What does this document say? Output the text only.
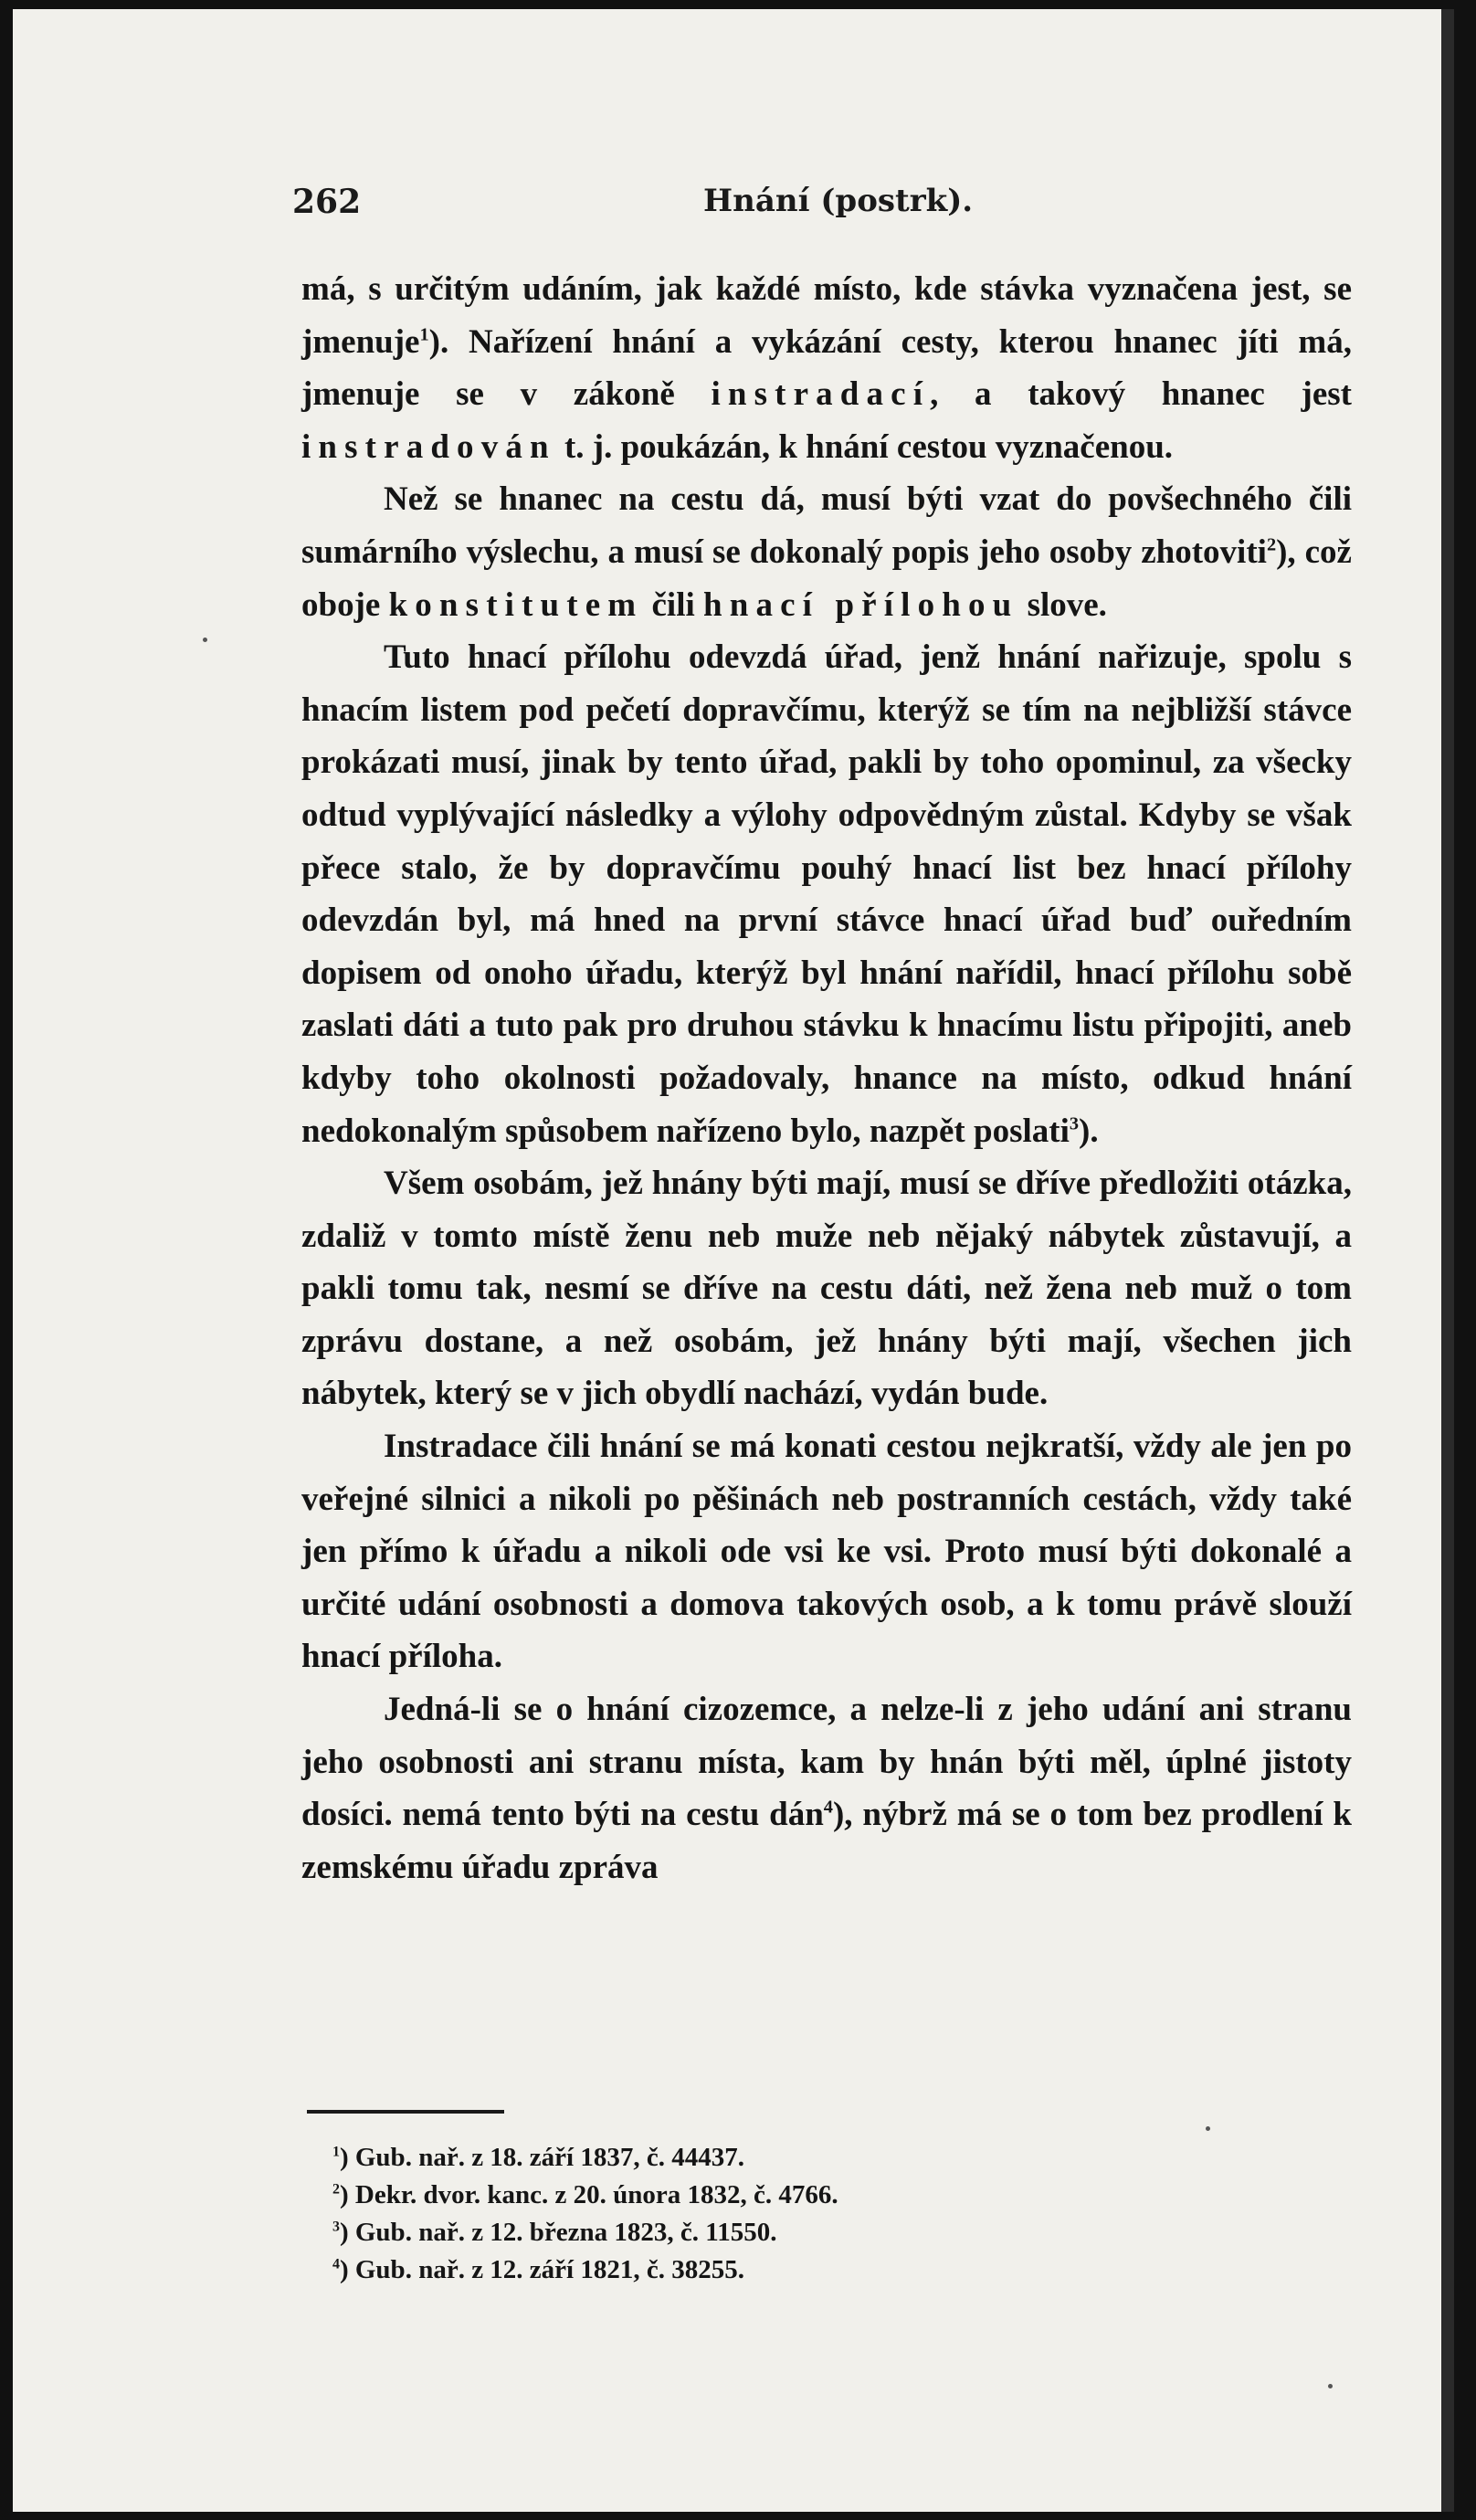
262	Hnání (postrk).

má, s určitým udáním, jak každé místo, kde stávka vyznačena jest, se jmenuje$^1$). Nařízení hnání a vykázání cesty, kterou hnanec jíti má, jmenuje se v zákoně instradací, a takový hnanec jest instradován t. j. poukázán, k hnání cestou vyznačenou.

Než se hnanec na cestu dá, musí býti vzat do povšechného čili sumárního výslechu, a musí se dokonalý popis jeho osoby zhotoviti$^2$), což oboje konstitutem čili hnací přílohou slove.

Tuto hnací přílohu odevzdá úřad, jenž hnání nařizuje, spolu s hnacím listem pod pečetí dopravčímu, kterýž se tím na nejbližší stávce prokázati musí, jinak by tento úřad, pakli by toho opominul, za všecky odtud vyplývající následky a výlohy odpovědným zůstal. Kdyby se však přece stalo, že by dopravčímu pouhý hnací list bez hnací přílohy odevzdán byl, má hned na první stávce hnací úřad buď ouředním dopisem od onoho úřadu, kterýž byl hnání nařídil, hnací přílohu sobě zaslati dáti a tuto pak pro druhou stávku k hnacímu listu připojiti, aneb kdyby toho okolnosti požadovaly, hnance na místo, odkud hnání nedokonalým spůsobem nařízeno bylo, nazpět poslati$^3$).

Všem osobám, jež hnány býti mají, musí se dříve předložiti otázka, zdaliž v tomto místě ženu neb muže neb nějaký nábytek zůstavují, a pakli tomu tak, nesmí se dříve na cestu dáti, než žena neb muž o tom zprávu dostane, a než osobám, jež hnány býti mají, všechen jich nábytek, který se v jich obydlí nachází, vydán bude.

Instradace čili hnání se má konati cestou nejkratší, vždy ale jen po veřejné silnici a nikoli po pěšinách neb postranních cestách, vždy také jen přímo k úřadu a nikoli ode vsi ke vsi. Proto musí býti dokonalé a určité udání osobnosti a domova takových osob, a k tomu právě slouží hnací příloha.

Jedná-li se o hnání cizozemce, a nelze-li z jeho udání ani stranu jeho osobnosti ani stranu místa, kam by hnán býti měl, úplné jistoty dosíci. nemá tento býti na cestu dán$^4$), nýbrž má se o tom bez prodlení k zemskému úřadu zpráva

$^1$) Gub. nař. z 18. září 1837, č. 44437.
$^2$) Dekr. dvor. kanc. z 20. února 1832, č. 4766.
$^3$) Gub. nař. z 12. března 1823, č. 11550.
$^4$) Gub. nař. z 12. září 1821, č. 38255.
